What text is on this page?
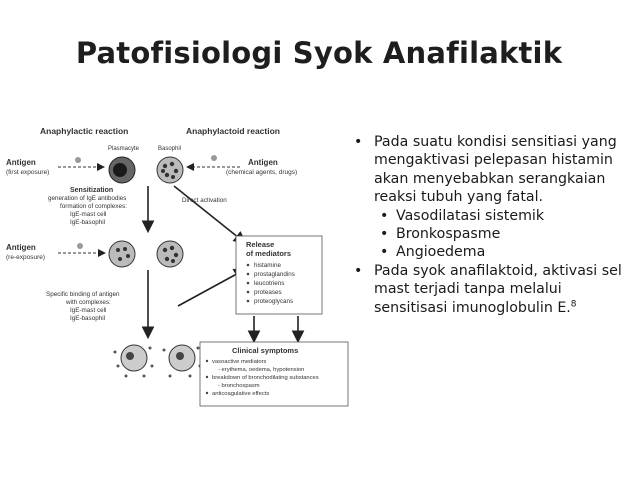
Patofisiologi Syok Anafilaktik
Anaphylactic reaction	Anaphylactoid reaction
Plasmacyte	Basophil
Antigen
(first exposure)
Antigen
(chemical agents, drugs)
Sensitization
generation of IgE antibodies
formation of complexes:
IgE-mast cell
IgE-basophil
Direct activation
Antigen
(re-exposure)
Specific binding of antigen
with complexes:
IgE-mast cell
IgE-basophil
Release
of mediators
histamine
prostaglandins
leucotriens
proteases
proteoglycans
Clinical symptoms
vasoactive mediators
- erythema, oedema, hypotension
breakdown of bronchodilating substances
- bronchospasm
anticoagulative effects
• Pada suatu kondisi sensitiasi yang mengaktivasi pelepasan histamin akan menyebabkan serangkaian reaksi tubuh yang fatal.
• Vasodilatasi sistemik
• Bronkospasme
• Angioedema
• Pada syok anafilaktoid, aktivasi sel mast terjadi tanpa melalui sensitisasi imunoglobulin E.$^8$
